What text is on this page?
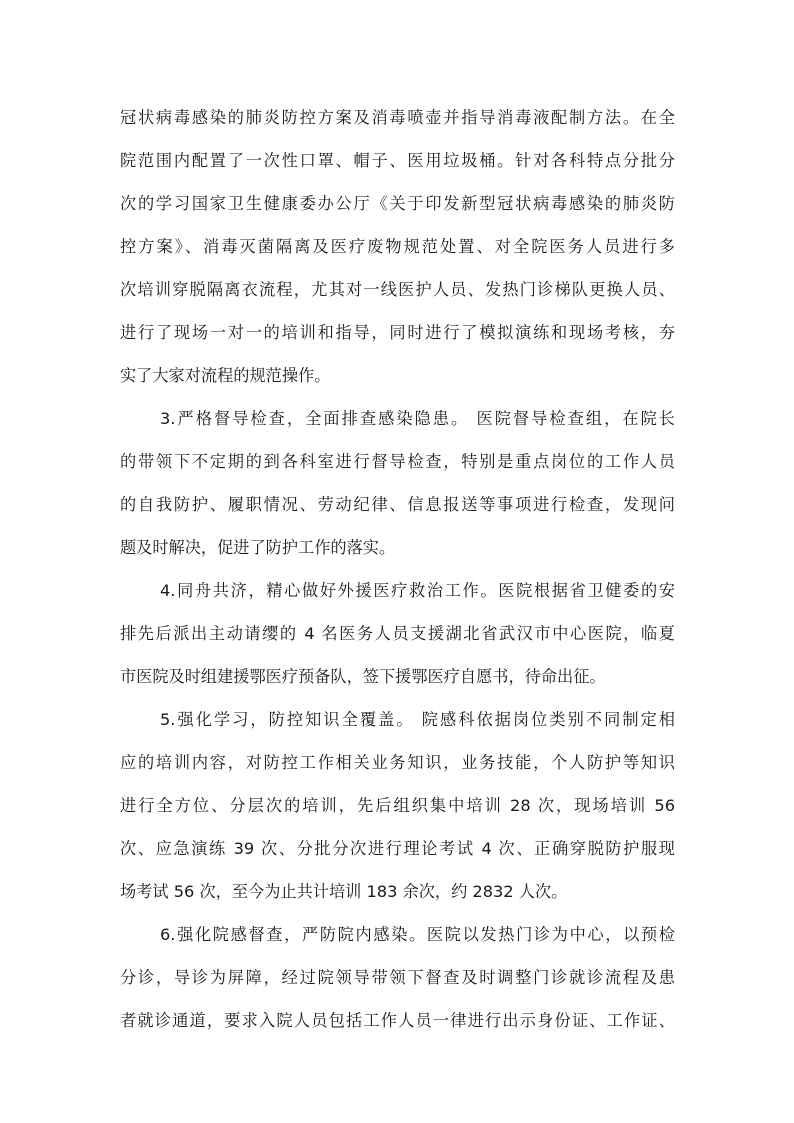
冠状病毒感染的肺炎防控方案及消毒喷壶并指导消毒液配制方法。在全
院范围内配置了一次性口罩、帽子、医用垃圾桶。针对各科特点分批分
次的学习国家卫生健康委办公厅《关于印发新型冠状病毒感染的肺炎防
控方案》、消毒灭菌隔离及医疗废物规范处置、对全院医务人员进行多
次培训穿脱隔离衣流程，尤其对一线医护人员、发热门诊梯队更换人员、
进行了现场一对一的培训和指导，同时进行了模拟演练和现场考核，夯
实了大家对流程的规范操作。
3.严格督导检查，全面排查感染隐患。 医院督导检查组，在院长
的带领下不定期的到各科室进行督导检查，特别是重点岗位的工作人员
的自我防护、履职情况、劳动纪律、信息报送等事项进行检查，发现问
题及时解决，促进了防护工作的落实。
4.同舟共济，精心做好外援医疗救治工作。医院根据省卫健委的安
排先后派出主动请缨的 4 名医务人员支援湖北省武汉市中心医院，临夏
市医院及时组建援鄂医疗预备队，签下援鄂医疗自愿书，待命出征。
5.强化学习，防控知识全覆盖。 院感科依据岗位类别不同制定相
应的培训内容，对防控工作相关业务知识，业务技能，个人防护等知识
进行全方位、分层次的培训，先后组织集中培训 28 次，现场培训 56
次、应急演练 39 次、分批分次进行理论考试 4 次、正确穿脱防护服现
场考试 56 次，至今为止共计培训 183 余次，约 2832 人次。
6.强化院感督查，严防院内感染。医院以发热门诊为中心，以预检
分诊，导诊为屏障，经过院领导带领下督查及时调整门诊就诊流程及患
者就诊通道，要求入院人员包括工作人员一律进行出示身份证、工作证、
